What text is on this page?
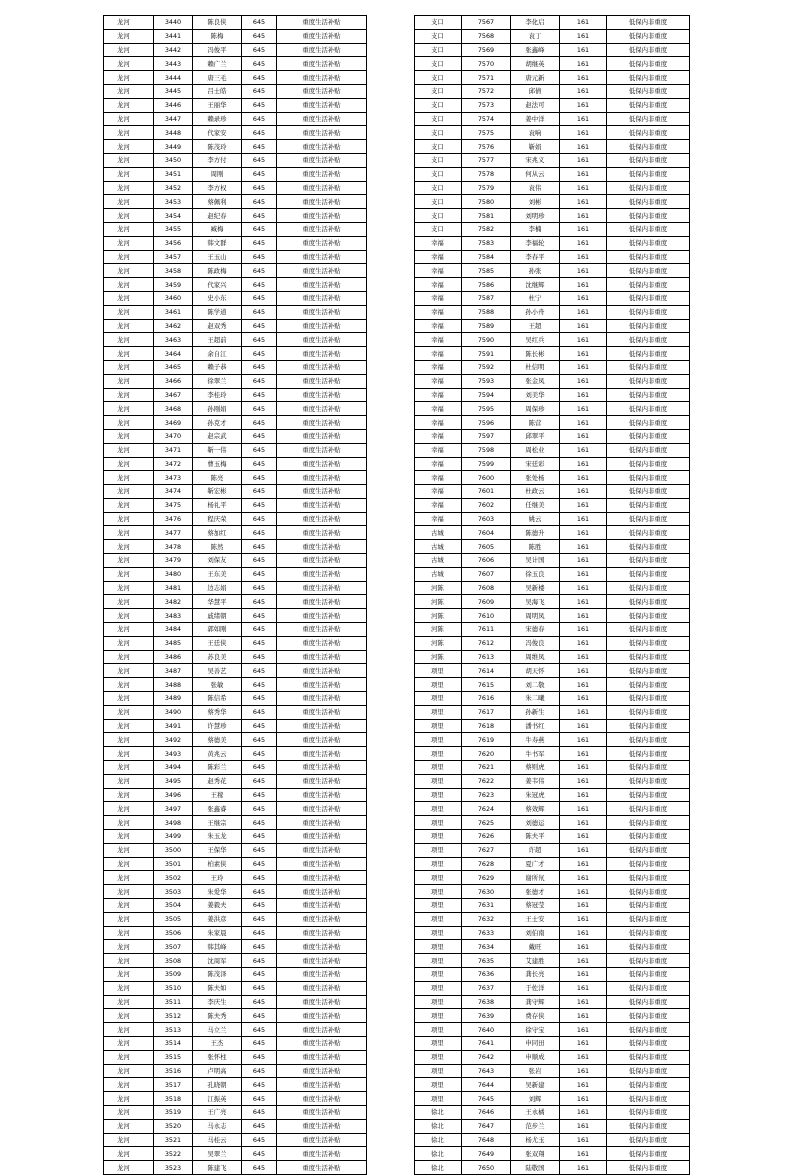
龙河	3440	陈良侠	645	重度生活补贴
龙河	3441	陈梅	645	重度生活补贴
龙河	3442	冯俊平	645	重度生活补贴
龙河	3443	赖广兰	645	重度生活补贴
龙河	3444	唐三毛	645	重度生活补贴
龙河	3445	吕士皓	645	重度生活补贴
龙河	3446	王丽华	645	重度生活补贴
龙河	3447	赖录珍	645	重度生活补贴
龙河	3448	代家安	645	重度生活补贴
龙河	3449	陈茂玲	645	重度生活补贴
龙河	3450	李方付	645	重度生活补贴
龙河	3451	周刚	645	重度生活补贴
龙河	3452	李方权	645	重度生活补贴
龙河	3453	蔡佩利	645	重度生活补贴
龙河	3454	赵纪春	645	重度生活补贴
龙河	3455	臧梅	645	重度生活补贴
龙河	3456	韩文群	645	重度生活补贴
龙河	3457	王玉山	645	重度生活补贴
龙河	3458	陈政梅	645	重度生活补贴
龙河	3459	代家兴	645	重度生活补贴
龙河	3460	史小东	645	重度生活补贴
龙河	3461	陈学道	645	重度生活补贴
龙河	3462	赵双秀	645	重度生活补贴
龙河	3463	王超前	645	重度生活补贴
龙河	3464	余自江	645	重度生活补贴
龙河	3465	赖子恭	645	重度生活补贴
龙河	3466	徐翠兰	645	重度生活补贴
龙河	3467	李桂玲	645	重度生活补贴
龙河	3468	孙刚娟	645	重度生活补贴
龙河	3469	孙克才	645	重度生活补贴
龙河	3470	赵宗武	645	重度生活补贴
龙河	3471	靳一伟	645	重度生活补贴
龙河	3472	曹玉梅	645	重度生活补贴
龙河	3473	陈亮	645	重度生活补贴
龙河	3474	靳宏彬	645	重度生活补贴
龙河	3475	杨礼平	645	重度生活补贴
龙河	3476	程庆荣	645	重度生活补贴
龙河	3477	蔡加红	645	重度生活补贴
龙河	3478	陈然	645	重度生活补贴
龙河	3479	刘保友	645	重度生活补贴
龙河	3480	王东美	645	重度生活补贴
龙河	3481	边志娟	645	重度生活补贴
龙河	3482	华慧平	645	重度生活补贴
龙河	3483	戚绪朝	645	重度生活补贴
龙河	3484	郭如刚	645	重度生活补贴
龙河	3485	王廷侠	645	重度生活补贴
龙河	3486	苏良美	645	重度生活补贴
龙河	3487	吴善艺	645	重度生活补贴
龙河	3488	张敏	645	重度生活补贴
龙河	3489	陈信希	645	重度生活补贴
龙河	3490	蔡秀华	645	重度生活补贴
龙河	3491	许慧珍	645	重度生活补贴
龙河	3492	蔡德美	645	重度生活补贴
龙河	3493	黄兆云	645	重度生活补贴
龙河	3494	陈彩兰	645	重度生活补贴
龙河	3495	赵秀花	645	重度生活补贴
龙河	3496	王稼	645	重度生活补贴
龙河	3497	张鑫睿	645	重度生活补贴
龙河	3498	王继宗	645	重度生活补贴
龙河	3499	朱玉龙	645	重度生活补贴
龙河	3500	王保华	645	重度生活补贴
龙河	3501	柏素侠	645	重度生活补贴
龙河	3502	王玲	645	重度生活补贴
龙河	3503	朱爱华	645	重度生活补贴
龙河	3504	姜毅夫	645	重度生活补贴
龙河	3505	姜洪彦	645	重度生活补贴
龙河	3506	朱家晨	645	重度生活补贴
龙河	3507	韩其峰	645	重度生活补贴
龙河	3508	沈周军	645	重度生活补贴
龙河	3509	陈茂泽	645	重度生活补贴
龙河	3510	陈夫如	645	重度生活补贴
龙河	3511	李庆生	645	重度生活补贴
龙河	3512	陈夫秀	645	重度生活补贴
龙河	3513	马立兰	645	重度生活补贴
龙河	3514	王杰	645	重度生活补贴
龙河	3515	张怀柱	645	重度生活补贴
龙河	3516	卢明高	645	重度生活补贴
龙河	3517	孔晓朝	645	重度生活补贴
龙河	3518	江振英	645	重度生活补贴
龙河	3519	王广亮	645	重度生活补贴
龙河	3520	马永志	645	重度生活补贴
龙河	3521	马桂云	645	重度生活补贴
龙河	3522	吴翠兰	645	重度生活补贴
龙河	3523	陈建飞	645	重度生活补贴
支口	7567	李化启	161	低保内非重度
支口	7568	袁丁	161	低保内非重度
支口	7569	张鑫峰	161	低保内非重度
支口	7570	胡继英	161	低保内非重度
支口	7571	唐元新	161	低保内非重度
支口	7572	邱倩	161	低保内非重度
支口	7573	赵法可	161	低保内非重度
支口	7574	姜中洋	161	低保内非重度
支口	7575	袁响	161	低保内非重度
支口	7576	靳娟	161	低保内非重度
支口	7577	宋兆义	161	低保内非重度
支口	7578	何从云	161	低保内非重度
支口	7579	袁伟	161	低保内非重度
支口	7580	刘彬	161	低保内非重度
支口	7581	刘明珍	161	低保内非重度
支口	7582	李楠	161	低保内非重度
幸福	7583	李福轮	161	低保内非重度
幸福	7584	李春平	161	低保内非重度
幸福	7585	孙张	161	低保内非重度
幸福	7586	沈继辉	161	低保内非重度
幸福	7587	杜宁	161	低保内非重度
幸福	7588	孙小舟	161	低保内非重度
幸福	7589	王超	161	低保内非重度
幸福	7590	吴红兵	161	低保内非重度
幸福	7591	陈长彬	161	低保内非重度
幸福	7592	杜信明	161	低保内非重度
幸福	7593	张金凤	161	低保内非重度
幸福	7594	刘美华	161	低保内非重度
幸福	7595	周保珍	161	低保内非重度
幸福	7596	陈营	161	低保内非重度
幸福	7597	邱翠平	161	低保内非重度
幸福	7598	周松业	161	低保内非重度
幸福	7599	宋廷彩	161	低保内非重度
幸福	7600	张处杨	161	低保内非重度
幸福	7601	杜政云	161	低保内非重度
幸福	7602	任继美	161	低保内非重度
幸福	7603	姚云	161	低保内非重度
古城	7604	陈德升	161	低保内非重度
古城	7605	陈胜	161	低保内非重度
古城	7606	吴计国	161	低保内非重度
古城	7607	徐玉良	161	低保内非重度
河陈	7608	吴新楼	161	低保内非重度
河陈	7609	吴海飞	161	低保内非重度
河陈	7610	周明凤	161	低保内非重度
河陈	7611	宋德春	161	低保内非重度
河陈	7612	冯俊良	161	低保内非重度
河陈	7613	周维凤	161	低保内非重度
项里	7614	胡天怀	161	低保内非重度
项里	7615	刘二敬	161	低保内非重度
项里	7616	朱二曦	161	低保内非重度
项里	7617	孙新生	161	低保内非重度
项里	7618	潘书红	161	低保内非重度
项里	7619	牛寿燕	161	低保内非重度
项里	7620	牛书军	161	低保内非重度
项里	7621	蔡则虎	161	低保内非重度
项里	7622	姜韦伟	161	低保内非重度
项里	7623	朱冠虎	161	低保内非重度
项里	7624	蔡效辉	161	低保内非重度
项里	7625	刘德运	161	低保内非重度
项里	7626	陈夫平	161	低保内非重度
项里	7627	许超	161	低保内非重度
项里	7628	夏广才	161	低保内非重度
项里	7629	谢所氘	161	低保内非重度
项里	7630	张德才	161	低保内非重度
项里	7631	蔡冠莹	161	低保内非重度
项里	7632	王士安	161	低保内非重度
项里	7633	刘伯南	161	低保内非重度
项里	7634	戴旺	161	低保内非重度
项里	7635	艾建胜	161	低保内非重度
项里	7636	龚长亮	161	低保内非重度
项里	7637	于佐洋	161	低保内非重度
项里	7638	龚守辉	161	低保内非重度
项里	7639	费存侠	161	低保内非重度
项里	7640	徐守宝	161	低保内非重度
项里	7641	申同田	161	低保内非重度
项里	7642	申顺成	161	低保内非重度
项里	7643	张岩	161	低保内非重度
项里	7644	吴新建	161	低保内非重度
项里	7645	刘辉	161	低保内非重度
徐北	7646	王永橘	161	低保内非重度
徐北	7647	范步兰	161	低保内非重度
徐北	7648	杨尤玉	161	低保内非重度
徐北	7649	张双翔	161	低保内非重度
徐北	7650	陆敬国	161	低保内非重度
